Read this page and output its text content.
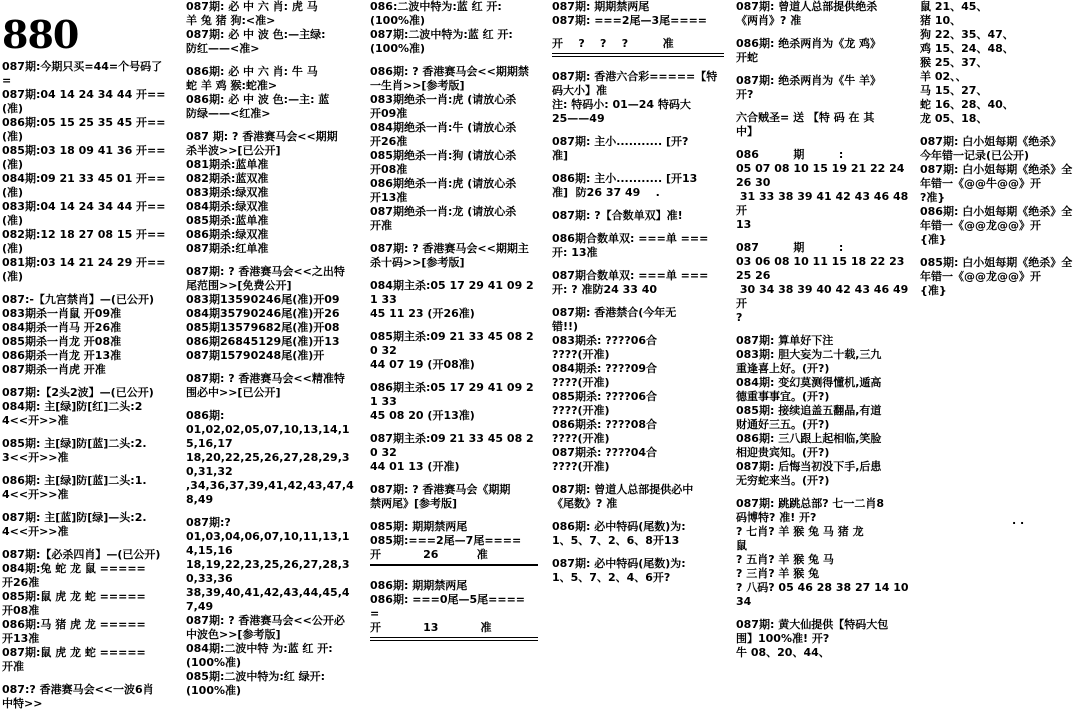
880

087期:今期只买=44=个号码了

=

087期:04 14 24 34 44 开==(准)

086期:05 15 25 35 45 开==(准)

085期:03 18 09 41 36 开==(准)

084期:09 21 33 45 01 开==(准)

083期:04 14 24 34 44 开==(准)

082期:12 18 27 08 15 开==(准)

081期:03 14 21 24 29 开==(准)

087:-【九宫禁肖】—(已公开)

083期杀一肖鼠 开09准

084期杀一肖马 开26准

085期杀一肖龙 开08准

086期杀一肖龙 开13准

087期杀一肖虎 开准

087期:【2头2波】—(已公开)

084期: 主[绿]防[红]二头:2

4<<开>>准

085期: 主[绿]防[蓝]二头:2.

3<<开>>准

086期: 主[绿]防[蓝]二头:1.

4<<开>>准

087期: 主[蓝]防[绿]—头:2.

4<<开>>准

087期:【必杀四肖】—(已公开)

084期:兔 蛇 龙 鼠 =====

开26准

085期:鼠 虎 龙 蛇 =====

开08准

086期:马 猪 虎 龙 =====

开13准

087期:鼠 虎 龙 蛇 =====

开准

087:? 香港赛马会<<一波6肖

中特>>

087期: 必 中 六 肖: 虎 马

羊 兔 猪 狗:<准>

087期: 必 中 波 色:—主绿:

防红——<准>

086期: 必 中 六 肖: 牛 马

蛇 羊 鸡 猴:蛇准>

086期: 必 中 波 色:—主: 蓝

防绿——<红准>

087 期: ? 香港赛马会<<期期

杀半波>>[已公开]

081期杀:蓝单准

082期杀:蓝双准

083期杀:绿双准

084期杀:绿双准

085期杀:蓝单准

086期杀:绿双准

087期杀:红单准

087期: ? 香港赛马会<<之出特

尾范围>>[免费公开]

083期13590246尾(准)开09

084期35790246尾(准)开26

085期13579682尾(准)开08

086期26845129尾(准)开13

087期15790248尾(准)开

087期: ? 香港赛马会<<精准特

围必中>>[已公开]

086期:

01,02,02,05,07,10,13,14,15,16,17

18,20,22,25,26,27,28,29,30,31,32

,34,36,37,39,41,42,43,47,48,49

087期:?

01,03,04,06,07,10,11,13,14,15,16

18,19,22,23,25,26,27,28,30,33,36

38,39,40,41,42,43,44,45,47,49

087期: ? 香港赛马会<<公开必

中波色>>[参考版]

084期:二波中特 为:蓝 红 开:

(100%准)

085期:二波中特为:红 绿开:

(100%准)

086:二波中特为:蓝 红 开:

(100%准)

087期:二波中特为:蓝 红 开:

(100%准)

086期: ? 香港赛马会<<期期禁

一生肖>>[参考版]

083期绝杀一肖:虎 (请放心杀

开09准

084期绝杀一肖:牛 (请放心杀

开26准

085期绝杀一肖:狗 (请放心杀

开08准

086期绝杀一肖:虎 (请放心杀

开13准

087期绝杀一肖:龙 (请放心杀

开准

087期: ? 香港赛马会<<期期主

杀十码>>[参考版]

084期主杀:05 17 29 41 09 21 33

45 11 23 (开26准)

085期主杀:09 21 33 45 08 20 32

44 07 19 (开08准)

086期主杀:05 17 29 41 09 21 33

45 08 20 (开13准)

087期主杀:09 21 33 45 08 20 32

44 01 13 (开准)

087期: ? 香港赛马会《期期

禁两尾》[参考版]

085期: 期期禁两尾

085期:===2尾—7尾====

开           26          准

086期: 期期禁两尾

086期: ===0尾—5尾====

=

开           13           准

087期: 期期禁两尾

087期: ===2尾—3尾====

开    ?    ?    ?         准

087期: 香港六合彩=====【特

码大小】准

注: 特码小: 01—24 特码大

25——49

087期: 主小........... [开?

准]

086期: 主小........... [开13

准]  防26 37 49    .

087期: ?【合数单双】准!

086期合数单双: ===单 ===

开: 13准

087期合数单双: ===单 ===

开: ? 准防24 33 40

087期: 香港禁合(今年无

错!!)

083期杀: ????06合

????(开准)

084期杀: ????09合

????(开准)

085期杀: ????06合

????(开准)

086期杀: ????08合

????(开准)

087期杀: ????04合

????(开准)

087期: 曾道人总部提供必中

《尾数》? 准

086期: 必中特码(尾数)为:

1、5、7、2、6、8开13

087期: 必中特码(尾数)为:

1、5、7、2、4、6开?

087期: 曾道人总部提供绝杀

《两肖》? 准

086期: 绝杀两肖为《龙 鸡》

开蛇

087期: 绝杀两肖为《牛 羊》

开?

六合贼圣= 送 【特 码 在 其

中】

086         期         :

05 07 08 10 15 19 21 22 24 26 30

31 33 38 39 41 42 43 46 48  开

13

087         期         :

03 06 08 10 11 15 18 22 23 25 26

30 34 38 39 40 42 43 46 49  开

?

087期: 算单好下注

083期: 胆大妄为二十载,三九

重逢喜上好。(开?)

084期: 变幻莫测得懂机,遁高

德重事事宜。(开?)

085期: 接续追盖五翻晶,有道

财通好三五。(开?)

086期: 三八跟上起相临,笑脸

相迎贵宾知。(开?)

087期: 后悔当初没下手,后患

无穷蛇来当。(开?)

087期: 跳跳总部? 七一二肖8

码博特? 准! 开?

? 七肖? 羊 猴 兔 马 猪 龙

鼠

? 五肖? 羊 猴 兔 马

? 三肖? 羊 猴 兔

? 八码? 05 46 28 38 27 14 10

34

087期: 黄大仙提供【特码大包

围】100%准! 开?

牛 08、20、44、

鼠 21、45、

猪 10、

狗 22、35、47、

鸡 15、24、48、

猴 25、37、

羊 02、、

马 15、27、

蛇 16、28、40、

龙 05、18、

087期: 白小姐每期《绝杀》

今年错一记录(已公开)

087期: 白小姐每期《绝杀》全

年错一《@@牛@@》开

?准}

086期: 白小姐每期《绝杀》全

年错一《@@龙@@》开

{准}

085期: 白小姐每期《绝杀》全

年错一《@@龙@@》开

{准}

. .
